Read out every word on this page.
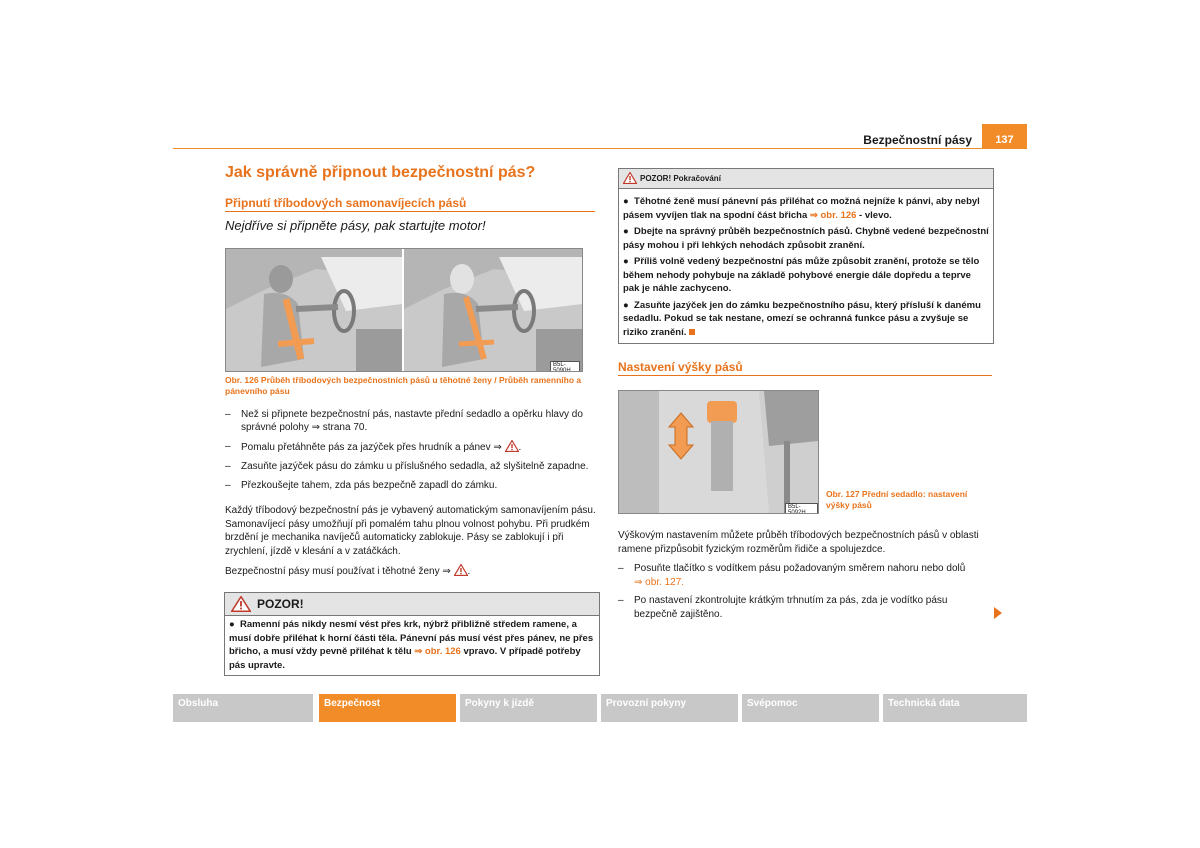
Bezpečnostní pásy	137
Jak správně připnout bezpečnostní pás?
Připnutí tříbodových samonavíjecích pásů
Nejdříve si připněte pásy, pak startujte motor!
B5L-5090H
Obr. 126 Průběh tříbodových bezpečnostních pásů u těhotné ženy / Průběh ramenního a pánevního pásu
– Než si připnete bezpečnostní pás, nastavte přední sedadlo a opěrku hlavy do správné polohy ⇒ strana 70.
– Pomalu přetáhněte pás za jazýček přes hrudník a pánev ⇒ .
– Zasuňte jazýček pásu do zámku u příslušného sedadla, až slyšitelně zapadne.
– Přezkoušejte tahem, zda pás bezpečně zapadl do zámku.
Každý tříbodový bezpečnostní pás je vybavený automatickým samonavíjením pásu. Samonavíjecí pásy umožňují při pomalém tahu plnou volnost pohybu. Při prudkém brzdění je mechanika navíječů automaticky zablokuje. Pásy se zablokují i při zrychlení, jízdě v klesání a v zatáčkách.
Bezpečnostní pásy musí používat i těhotné ženy ⇒ .
POZOR!
●  Ramenní pás nikdy nesmí vést přes krk, nýbrž přibližně středem ramene, a musí dobře přiléhat k horní části těla. Pánevní pás musí vést přes pánev, ne přes břicho, a musí vždy pevně přiléhat k tělu ⇒ obr. 126 vpravo. V případě potřeby pás upravte.
POZOR! Pokračování
●  Těhotné ženě musí pánevní pás přiléhat co možná nejníže k pánvi, aby nebyl pásem vyvíjen tlak na spodní část břicha ⇒ obr. 126 - vlevo.
●  Dbejte na správný průběh bezpečnostních pásů. Chybně vedené bezpečnostní pásy mohou i při lehkých nehodách způsobit zranění.
●  Příliš volně vedený bezpečnostní pás může způsobit zranění, protože se tělo během nehody pohybuje na základě pohybové energie dále dopředu a teprve pak je náhle zachyceno.
●  Zasuňte jazýček jen do zámku bezpečnostního pásu, který přísluší k danému sedadlu. Pokud se tak nestane, omezí se ochranná funkce pásu a zvyšuje se riziko zranění.
Nastavení výšky pásů
B5L-5092H
Obr. 127 Přední sedadlo: nastavení výšky pásů
Výškovým nastavením můžete průběh tříbodových bezpečnostních pásů v oblasti ramene přizpůsobit fyzickým rozměrům řidiče a spolujezdce.
– Posuňte tlačítko s vodítkem pásu požadovaným směrem nahoru nebo dolů
⇒ obr. 127.
– Po nastavení zkontrolujte krátkým trhnutím za pás, zda je vodítko pásu bezpečně zajištěno.
Obsluha	Bezpečnost	Pokyny k jízdě	Provozní pokyny	Svépomoc	Technická data
